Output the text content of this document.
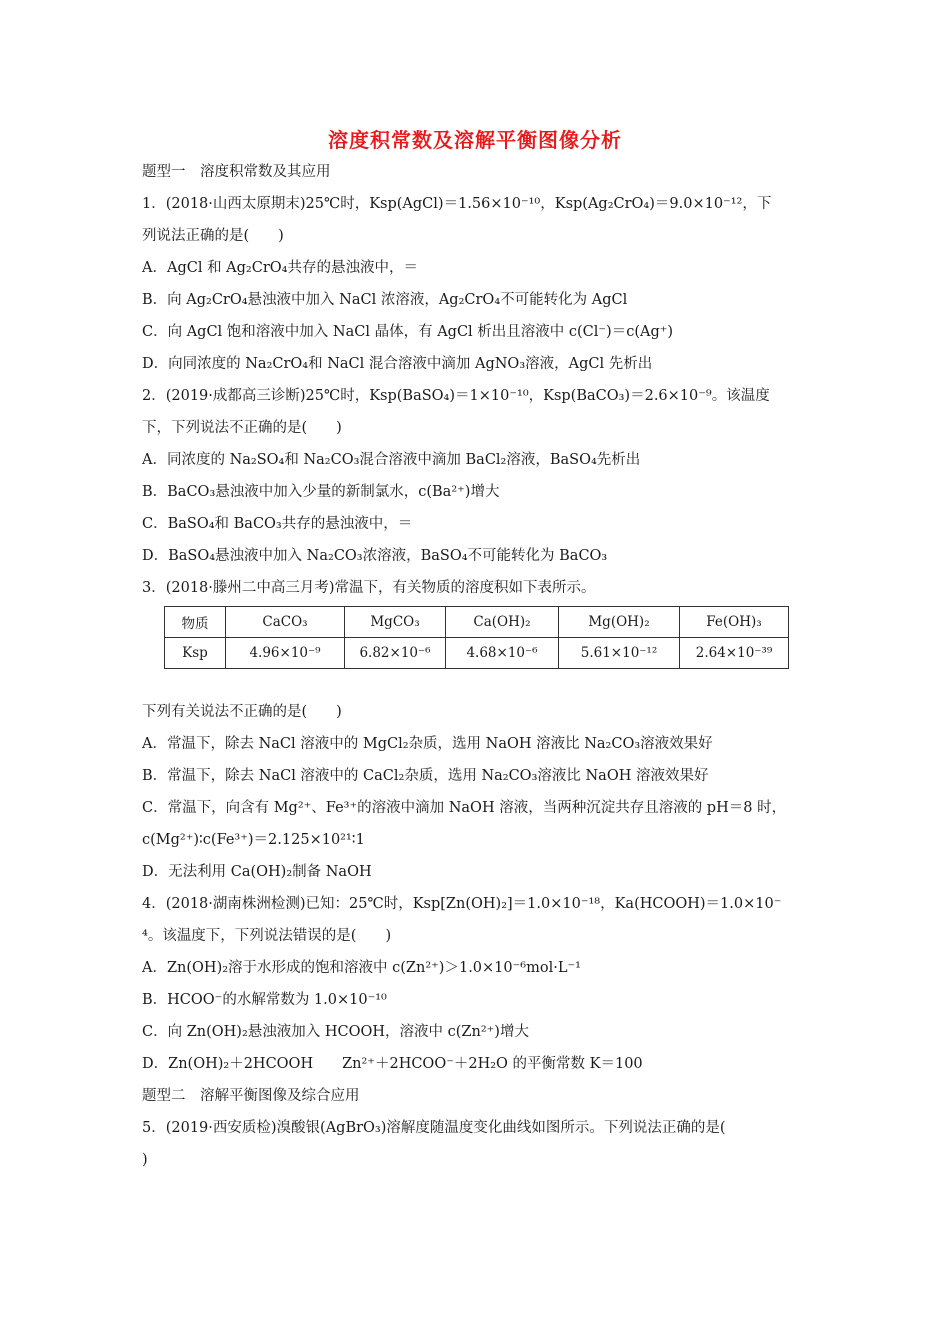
溶度积常数及溶解平衡图像分析
题型一　溶度积常数及其应用
1．(2018·山西太原期末)25℃时，Ksp(AgCl)＝1.56×10⁻¹⁰，Ksp(Ag₂CrO₄)＝9.0×10⁻¹²，下
列说法正确的是(　　)
A．AgCl 和 Ag₂CrO₄共存的悬浊液中，＝
B．向 Ag₂CrO₄悬浊液中加入 NaCl 浓溶液，Ag₂CrO₄不可能转化为 AgCl
C．向 AgCl 饱和溶液中加入 NaCl 晶体，有 AgCl 析出且溶液中 c(Cl⁻)＝c(Ag⁺)
D．向同浓度的 Na₂CrO₄和 NaCl 混合溶液中滴加 AgNO₃溶液，AgCl 先析出
2．(2019·成都高三诊断)25℃时，Ksp(BaSO₄)＝1×10⁻¹⁰，Ksp(BaCO₃)＝2.6×10⁻⁹。该温度
下，下列说法不正确的是(　　)
A．同浓度的 Na₂SO₄和 Na₂CO₃混合溶液中滴加 BaCl₂溶液，BaSO₄先析出
B．BaCO₃悬浊液中加入少量的新制氯水，c(Ba²⁺)增大
C．BaSO₄和 BaCO₃共存的悬浊液中，＝
D．BaSO₄悬浊液中加入 Na₂CO₃浓溶液，BaSO₄不可能转化为 BaCO₃
3．(2018·滕州二中高三月考)常温下，有关物质的溶度积如下表所示。
物质	CaCO₃	MgCO₃	Ca(OH)₂	Mg(OH)₂	Fe(OH)₃
Ksp	4.96×10⁻⁹	6.82×10⁻⁶	4.68×10⁻⁶	5.61×10⁻¹²	2.64×10⁻³⁹
下列有关说法不正确的是(　　)
A．常温下，除去 NaCl 溶液中的 MgCl₂杂质，选用 NaOH 溶液比 Na₂CO₃溶液效果好
B．常温下，除去 NaCl 溶液中的 CaCl₂杂质，选用 Na₂CO₃溶液比 NaOH 溶液效果好
C．常温下，向含有 Mg²⁺、Fe³⁺的溶液中滴加 NaOH 溶液，当两种沉淀共存且溶液的 pH＝8 时，
c(Mg²⁺)∶c(Fe³⁺)＝2.125×10²¹∶1
D．无法利用 Ca(OH)₂制备 NaOH
4．(2018·湖南株洲检测)已知：25℃时，Ksp[Zn(OH)₂]＝1.0×10⁻¹⁸，Ka(HCOOH)＝1.0×10⁻
⁴。该温度下，下列说法错误的是(　　)
A．Zn(OH)₂溶于水形成的饱和溶液中 c(Zn²⁺)＞1.0×10⁻⁶mol·L⁻¹
B．HCOO⁻的水解常数为 1.0×10⁻¹⁰
C．向 Zn(OH)₂悬浊液加入 HCOOH，溶液中 c(Zn²⁺)增大
D．Zn(OH)₂＋2HCOOH　　Zn²⁺＋2HCOO⁻＋2H₂O 的平衡常数 K＝100
题型二　溶解平衡图像及综合应用
5．(2019·西安质检)溴酸银(AgBrO₃)溶解度随温度变化曲线如图所示。下列说法正确的是(
)
